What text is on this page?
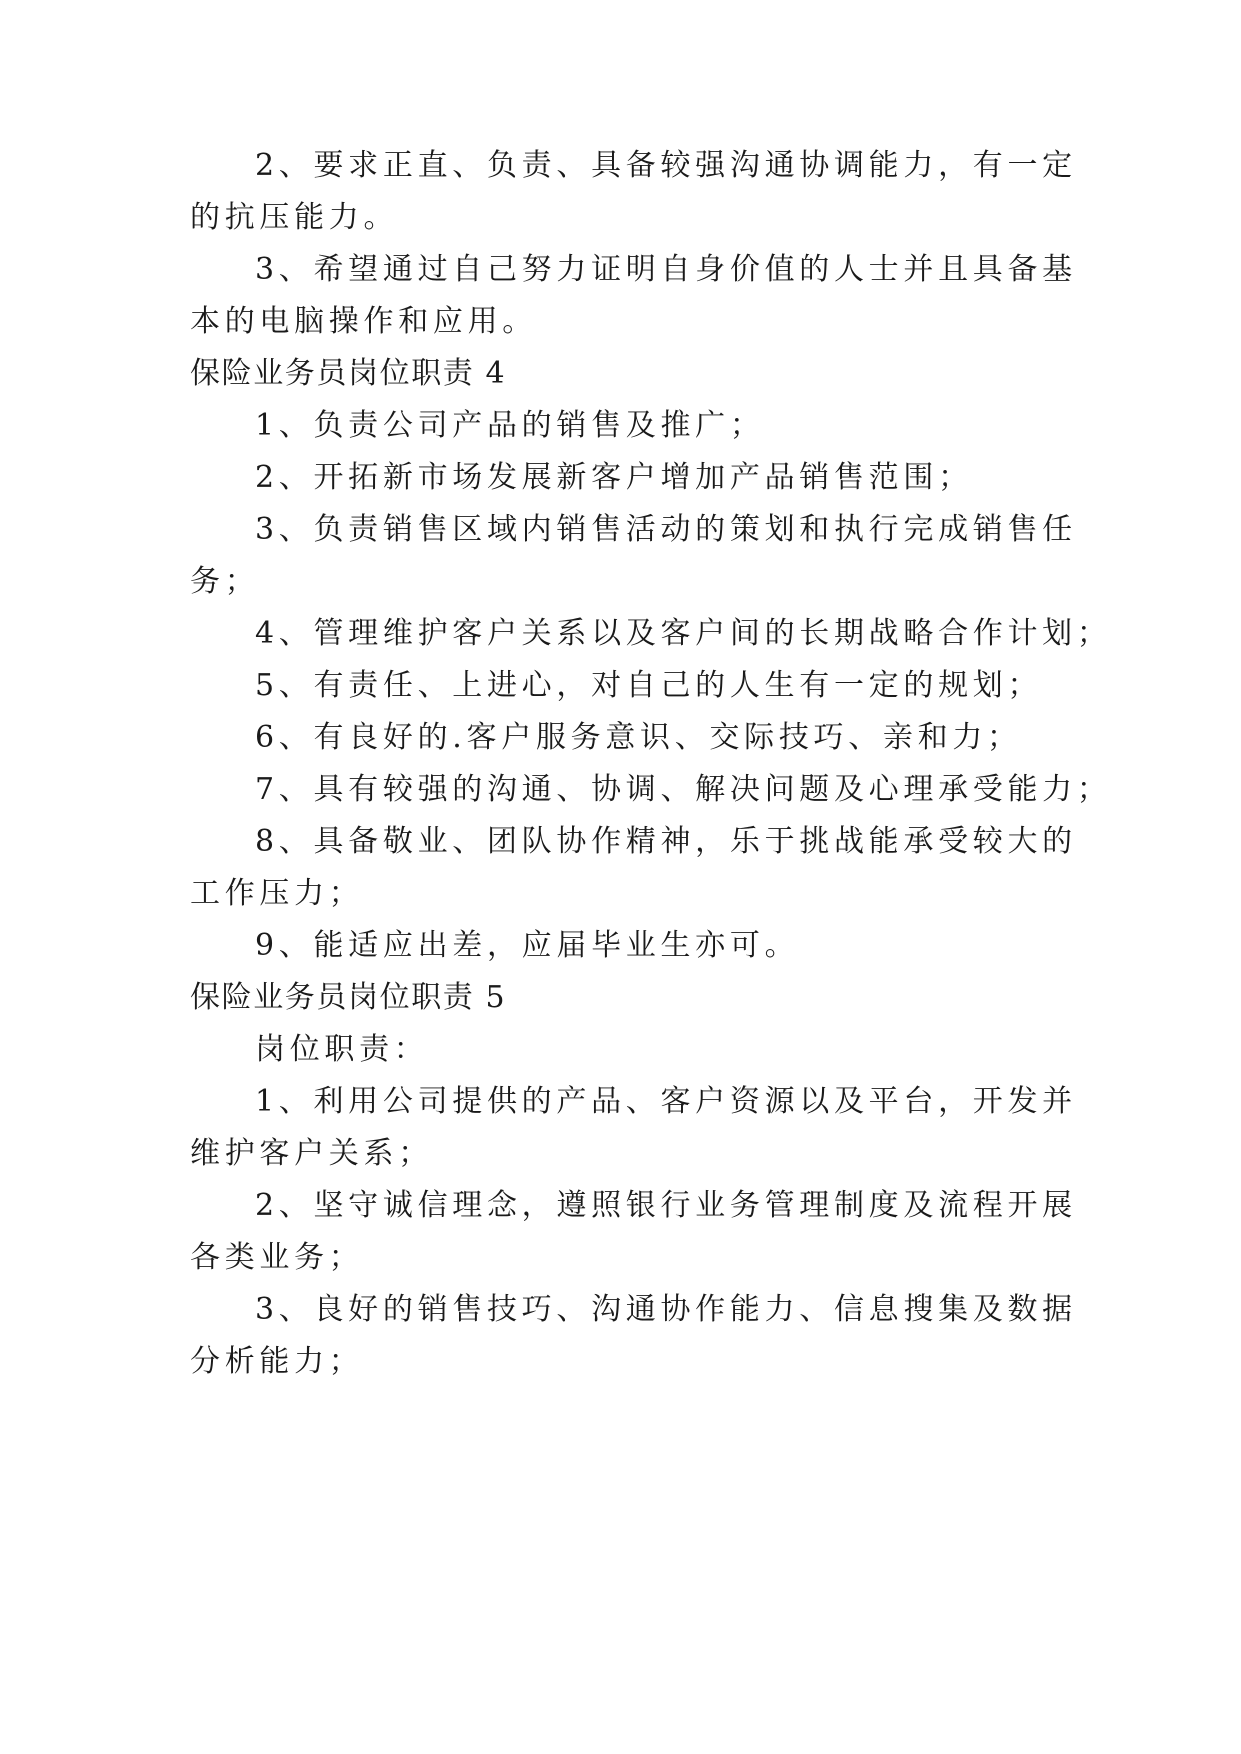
2、要求正直、负责、具备较强沟通协调能力，有一定
的抗压能力。
3、希望通过自己努力证明自身价值的人士并且具备基
本的电脑操作和应用。
保险业务员岗位职责 4
1、负责公司产品的销售及推广；
2、开拓新市场发展新客户增加产品销售范围；
3、负责销售区域内销售活动的策划和执行完成销售任
务；
4、管理维护客户关系以及客户间的长期战略合作计划；
5、有责任、上进心，对自己的人生有一定的规划；
6、有良好的.客户服务意识、交际技巧、亲和力；
7、具有较强的沟通、协调、解决问题及心理承受能力；
8、具备敬业、团队协作精神，乐于挑战能承受较大的
工作压力；
9、能适应出差，应届毕业生亦可。
保险业务员岗位职责 5
岗位职责：
1、利用公司提供的产品、客户资源以及平台，开发并
维护客户关系；
2、坚守诚信理念，遵照银行业务管理制度及流程开展
各类业务；
3、良好的销售技巧、沟通协作能力、信息搜集及数据
分析能力；
